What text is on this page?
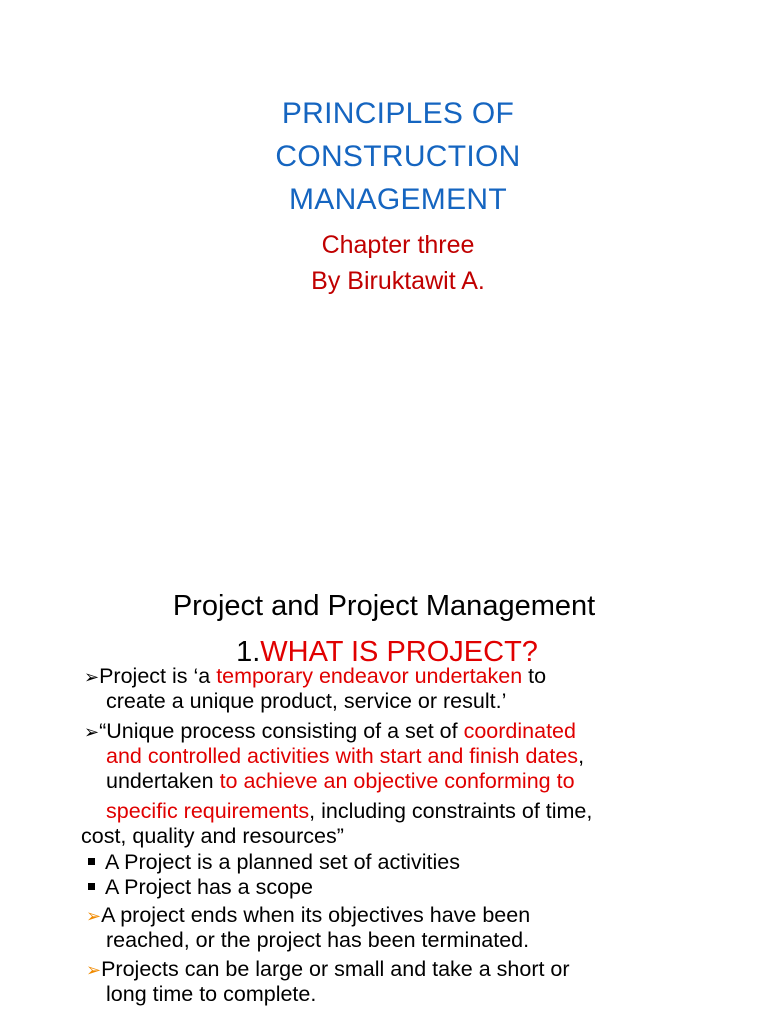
PRINCIPLES OF
CONSTRUCTION
MANAGEMENT
Chapter three
By Biruktawit A.
Project and Project Management
1.WHAT IS PROJECT?
➢Project is ‘a temporary endeavor undertaken to
create a unique product, service or result.’
➢“Unique process consisting of a set of coordinated
and controlled activities with start and finish dates,
undertaken to achieve an objective conforming to
specific requirements, including constraints of time,
cost, quality and resources”
A Project is a planned set of activities
A Project has a scope
➢A project ends when its objectives have been
reached, or the project has been terminated.
➢Projects can be large or small and take a short or
long time to complete.
